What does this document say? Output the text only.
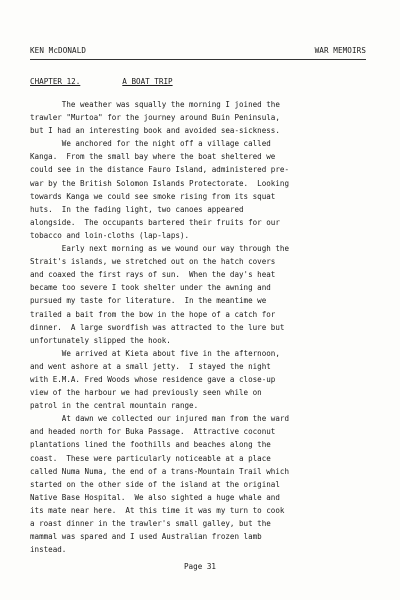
KEN McDONALD	WAR MEMOIRS
CHAPTER 12.	A BOAT TRIP
The weather was squally the morning I joined the
trawler "Murtoa" for the journey around Buin Peninsula,
but I had an interesting book and avoided sea-sickness.
We anchored for the night off a village called
Kanga.  From the small bay where the boat sheltered we
could see in the distance Fauro Island, administered pre-
war by the British Solomon Islands Protectorate.  Looking
towards Kanga we could see smoke rising from its squat
huts.  In the fading light, two canoes appeared
alongside.  The occupants bartered their fruits for our
tobacco and loin-cloths (lap-laps).
Early next morning as we wound our way through the
Strait's islands, we stretched out on the hatch covers
and coaxed the first rays of sun.  When the day's heat
became too severe I took shelter under the awning and
pursued my taste for literature.  In the meantime we
trailed a bait from the bow in the hope of a catch for
dinner.  A large swordfish was attracted to the lure but
unfortunately slipped the hook.
We arrived at Kieta about five in the afternoon,
and went ashore at a small jetty.  I stayed the night
with E.M.A. Fred Woods whose residence gave a close-up
view of the harbour we had previously seen while on
patrol in the central mountain range.
At dawn we collected our injured man from the ward
and headed north for Buka Passage.  Attractive coconut
plantations lined the foothills and beaches along the
coast.  These were particularly noticeable at a place
called Numa Numa, the end of a trans-Mountain Trail which
started on the other side of the island at the original
Native Base Hospital.  We also sighted a huge whale and
its mate near here.  At this time it was my turn to cook
a roast dinner in the trawler's small galley, but the
mammal was spared and I used Australian frozen lamb
instead.
Page 31
